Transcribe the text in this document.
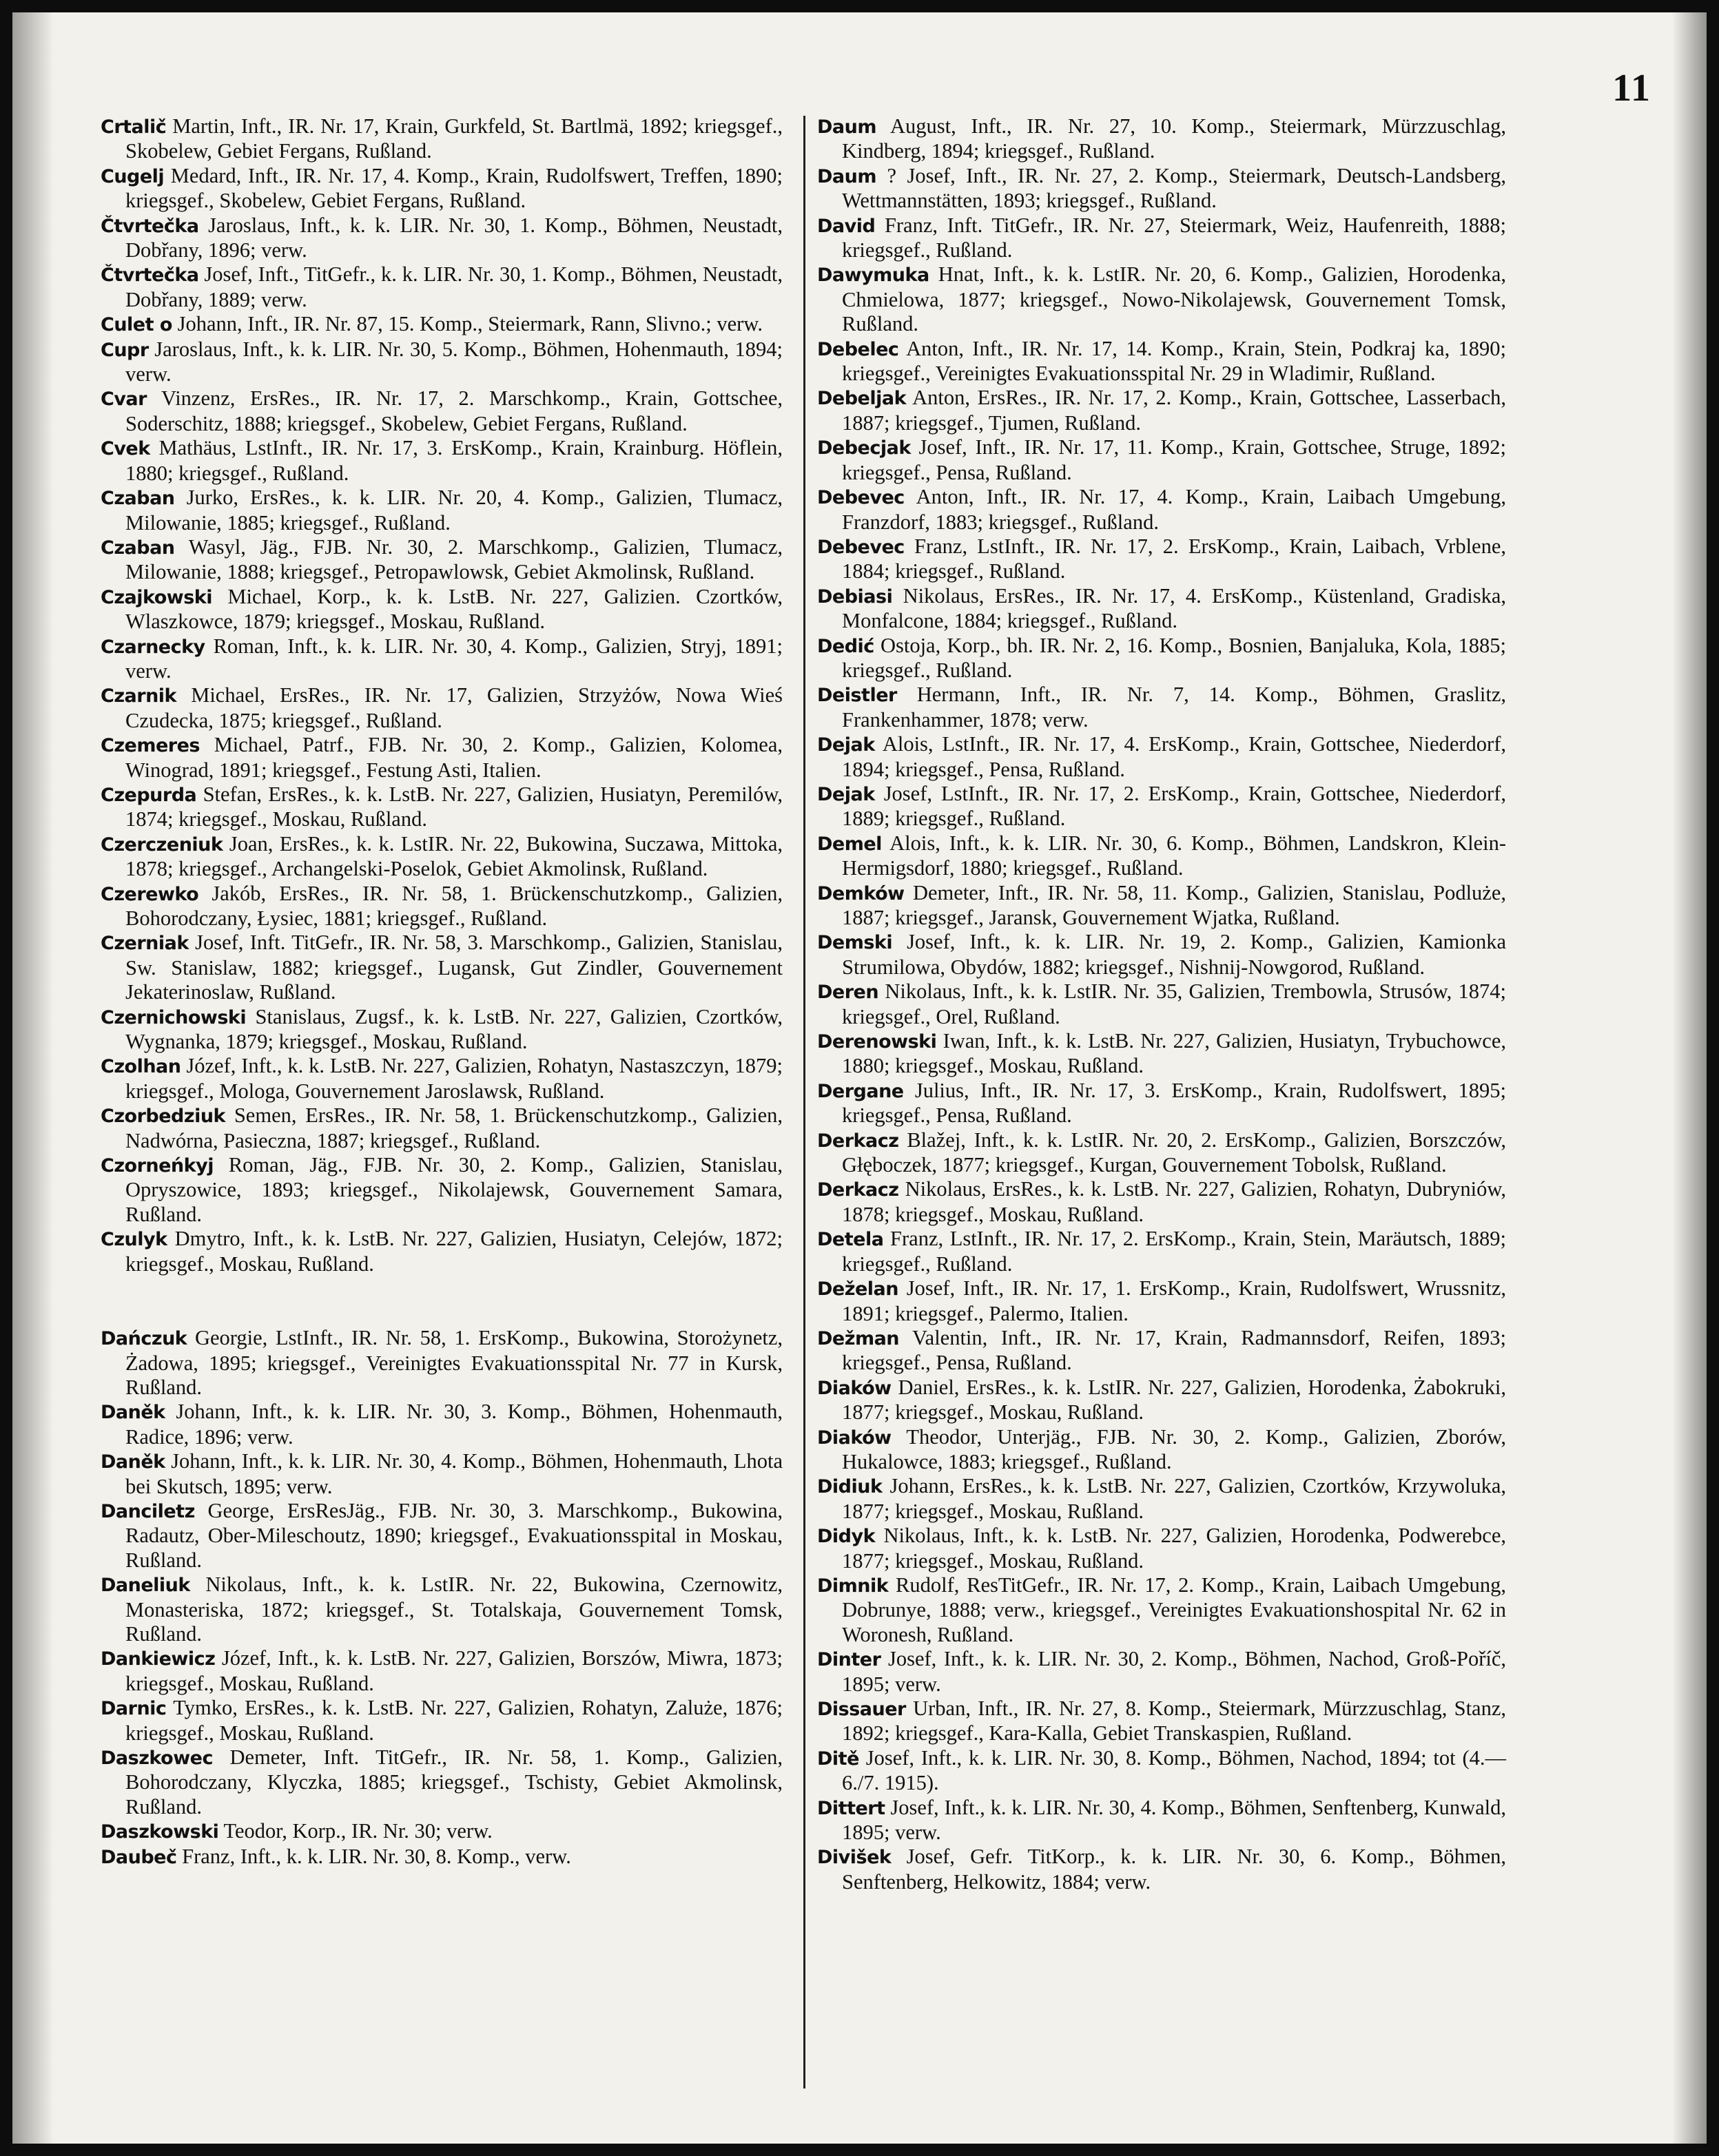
11

Crtalič Martin, Inft., IR. Nr. 17, Krain, Gurkfeld, St. Bartlmä, 1892; kriegsgef., Skobelew, Gebiet Fergans, Rußland.

Cugelj Medard, Inft., IR. Nr. 17, 4. Komp., Krain, Rudolfswert, Treffen, 1890; kriegsgef., Skobelew, Gebiet Fergans, Rußland.

Čtvrtečka Jaroslaus, Inft., k. k. LIR. Nr. 30, 1. Komp., Böhmen, Neustadt, Dobřany, 1896; verw.

Čtvrtečka Josef, Inft., TitGefr., k. k. LIR. Nr. 30, 1. Komp., Böhmen, Neustadt, Dobřany, 1889; verw.

Culet o Johann, Inft., IR. Nr. 87, 15. Komp., Steiermark, Rann, Slivno.; verw.

Cupr Jaroslaus, Inft., k. k. LIR. Nr. 30, 5. Komp., Böhmen, Hohenmauth, 1894; verw.

Cvar Vinzenz, ErsRes., IR. Nr. 17, 2. Marschkomp., Krain, Gottschee, Soderschitz, 1888; kriegsgef., Skobelew, Gebiet Fergans, Rußland.

Cvek Mathäus, LstInft., IR. Nr. 17, 3. ErsKomp., Krain, Krainburg. Höflein, 1880; kriegsgef., Rußland.

Czaban Jurko, ErsRes., k. k. LIR. Nr. 20, 4. Komp., Galizien, Tlumacz, Milowanie, 1885; kriegsgef., Rußland.

Czaban Wasyl, Jäg., FJB. Nr. 30, 2. Marschkomp., Galizien, Tlumacz, Milowanie, 1888; kriegsgef., Petropawlowsk, Gebiet Akmolinsk, Rußland.

Czajkowski Michael, Korp., k. k. LstB. Nr. 227, Galizien. Czortków, Wlaszkowce, 1879; kriegsgef., Moskau, Rußland.

Czarnecky Roman, Inft., k. k. LIR. Nr. 30, 4. Komp., Galizien, Stryj, 1891; verw.

Czarnik Michael, ErsRes., IR. Nr. 17, Galizien, Strzyżów, Nowa Wieś Czudecka, 1875; kriegsgef., Rußland.

Czemeres Michael, Patrf., FJB. Nr. 30, 2. Komp., Galizien, Kolomea, Winograd, 1891; kriegsgef., Festung Asti, Italien.

Czepurda Stefan, ErsRes., k. k. LstB. Nr. 227, Galizien, Husiatyn, Peremilów, 1874; kriegsgef., Moskau, Rußland.

Czerczeniuk Joan, ErsRes., k. k. LstIR. Nr. 22, Bukowina, Suczawa, Mittoka, 1878; kriegsgef., Archangelski-Poselok, Gebiet Akmolinsk, Rußland.

Czerewko Jakób, ErsRes., IR. Nr. 58, 1. Brückenschutzkomp., Galizien, Bohorodczany, Łysiec, 1881; kriegsgef., Rußland.

Czerniak Josef, Inft. TitGefr., IR. Nr. 58, 3. Marschkomp., Galizien, Stanislau, Sw. Stanislaw, 1882; kriegsgef., Lugansk, Gut Zindler, Gouvernement Jekaterinoslaw, Rußland.

Czernichowski Stanislaus, Zugsf., k. k. LstB. Nr. 227, Galizien, Czortków, Wygnanka, 1879; kriegsgef., Moskau, Rußland.

Czolhan Józef, Inft., k. k. LstB. Nr. 227, Galizien, Rohatyn, Nastaszczyn, 1879; kriegsgef., Mologa, Gouvernement Jaroslawsk, Rußland.

Czorbedziuk Semen, ErsRes., IR. Nr. 58, 1. Brückenschutzkomp., Galizien, Nadwórna, Pasieczna, 1887; kriegsgef., Rußland.

Czorneńkyj Roman, Jäg., FJB. Nr. 30, 2. Komp., Galizien, Stanislau, Opryszowice, 1893; kriegsgef., Nikolajewsk, Gouvernement Samara, Rußland.

Czulyk Dmytro, Inft., k. k. LstB. Nr. 227, Galizien, Husiatyn, Celejów, 1872; kriegsgef., Moskau, Rußland.

Dańczuk Georgie, LstInft., IR. Nr. 58, 1. ErsKomp., Bukowina, Storożynetz, Żadowa, 1895; kriegsgef., Vereinigtes Evakuationsspital Nr. 77 in Kursk, Rußland.

Daněk Johann, Inft., k. k. LIR. Nr. 30, 3. Komp., Böhmen, Hohenmauth, Radice, 1896; verw.

Daněk Johann, Inft., k. k. LIR. Nr. 30, 4. Komp., Böhmen, Hohenmauth, Lhota bei Skutsch, 1895; verw.

Danciletz George, ErsResJäg., FJB. Nr. 30, 3. Marschkomp., Bukowina, Radautz, Ober-Mileschoutz, 1890; kriegsgef., Evakuationsspital in Moskau, Rußland.

Daneliuk Nikolaus, Inft., k. k. LstIR. Nr. 22, Bukowina, Czernowitz, Monasteriska, 1872; kriegsgef., St. Totalskaja, Gouvernement Tomsk, Rußland.

Dankiewicz Józef, Inft., k. k. LstB. Nr. 227, Galizien, Borszów, Miwra, 1873; kriegsgef., Moskau, Rußland.

Darnic Tymko, ErsRes., k. k. LstB. Nr. 227, Galizien, Rohatyn, Zaluże, 1876; kriegsgef., Moskau, Rußland.

Daszkowec Demeter, Inft. TitGefr., IR. Nr. 58, 1. Komp., Galizien, Bohorodczany, Klyczka, 1885; kriegsgef., Tschisty, Gebiet Akmolinsk, Rußland.

Daszkowski Teodor, Korp., IR. Nr. 30; verw.

Daubeč Franz, Inft., k. k. LIR. Nr. 30, 8. Komp., verw.

Daum August, Inft., IR. Nr. 27, 10. Komp., Steiermark, Mürzzuschlag, Kindberg, 1894; kriegsgef., Rußland.

Daum ? Josef, Inft., IR. Nr. 27, 2. Komp., Steiermark, Deutsch-Landsberg, Wettmannstätten, 1893; kriegsgef., Rußland.

David Franz, Inft. TitGefr., IR. Nr. 27, Steiermark, Weiz, Haufenreith, 1888; kriegsgef., Rußland.

Dawymuka Hnat, Inft., k. k. LstIR. Nr. 20, 6. Komp., Galizien, Horodenka, Chmielowa, 1877; kriegsgef., Nowo-Nikolajewsk, Gouvernement Tomsk, Rußland.

Debelec Anton, Inft., IR. Nr. 17, 14. Komp., Krain, Stein, Podkraj ka, 1890; kriegsgef., Vereinigtes Evakuationsspital Nr. 29 in Wladimir, Rußland.

Debeljak Anton, ErsRes., IR. Nr. 17, 2. Komp., Krain, Gottschee, Lasserbach, 1887; kriegsgef., Tjumen, Rußland.

Debecjak Josef, Inft., IR. Nr. 17, 11. Komp., Krain, Gottschee, Struge, 1892; kriegsgef., Pensa, Rußland.

Debevec Anton, Inft., IR. Nr. 17, 4. Komp., Krain, Laibach Umgebung, Franzdorf, 1883; kriegsgef., Rußland.

Debevec Franz, LstInft., IR. Nr. 17, 2. ErsKomp., Krain, Laibach, Vrblene, 1884; kriegsgef., Rußland.

Debiasi Nikolaus, ErsRes., IR. Nr. 17, 4. ErsKomp., Küstenland, Gradiska, Monfalcone, 1884; kriegsgef., Rußland.

Dedić Ostoja, Korp., bh. IR. Nr. 2, 16. Komp., Bosnien, Banjaluka, Kola, 1885; kriegsgef., Rußland.

Deistler Hermann, Inft., IR. Nr. 7, 14. Komp., Böhmen, Graslitz, Frankenhammer, 1878; verw.

Dejak Alois, LstInft., IR. Nr. 17, 4. ErsKomp., Krain, Gottschee, Niederdorf, 1894; kriegsgef., Pensa, Rußland.

Dejak Josef, LstInft., IR. Nr. 17, 2. ErsKomp., Krain, Gottschee, Niederdorf, 1889; kriegsgef., Rußland.

Demel Alois, Inft., k. k. LIR. Nr. 30, 6. Komp., Böhmen, Landskron, Klein-Hermigsdorf, 1880; kriegsgef., Rußland.

Demków Demeter, Inft., IR. Nr. 58, 11. Komp., Galizien, Stanislau, Podluże, 1887; kriegsgef., Jaransk, Gouvernement Wjatka, Rußland.

Demski Josef, Inft., k. k. LIR. Nr. 19, 2. Komp., Galizien, Kamionka Strumilowa, Obydów, 1882; kriegsgef., Nishnij-Nowgorod, Rußland.

Deren Nikolaus, Inft., k. k. LstIR. Nr. 35, Galizien, Trembowla, Strusów, 1874; kriegsgef., Orel, Rußland.

Derenowski Iwan, Inft., k. k. LstB. Nr. 227, Galizien, Husiatyn, Trybuchowce, 1880; kriegsgef., Moskau, Rußland.

Dergane Julius, Inft., IR. Nr. 17, 3. ErsKomp., Krain, Rudolfswert, 1895; kriegsgef., Pensa, Rußland.

Derkacz Blažej, Inft., k. k. LstIR. Nr. 20, 2. ErsKomp., Galizien, Borszczów, Głęboczek, 1877; kriegsgef., Kurgan, Gouvernement Tobolsk, Rußland.

Derkacz Nikolaus, ErsRes., k. k. LstB. Nr. 227, Galizien, Rohatyn, Dubryniów, 1878; kriegsgef., Moskau, Rußland.

Detela Franz, LstInft., IR. Nr. 17, 2. ErsKomp., Krain, Stein, Maräutsch, 1889; kriegsgef., Rußland.

Deželan Josef, Inft., IR. Nr. 17, 1. ErsKomp., Krain, Rudolfswert, Wrussnitz, 1891; kriegsgef., Palermo, Italien.

Dežman Valentin, Inft., IR. Nr. 17, Krain, Radmannsdorf, Reifen, 1893; kriegsgef., Pensa, Rußland.

Diaków Daniel, ErsRes., k. k. LstIR. Nr. 227, Galizien, Horodenka, Żabokruki, 1877; kriegsgef., Moskau, Rußland.

Diaków Theodor, Unterjäg., FJB. Nr. 30, 2. Komp., Galizien, Zborów, Hukalowce, 1883; kriegsgef., Rußland.

Didiuk Johann, ErsRes., k. k. LstB. Nr. 227, Galizien, Czortków, Krzywoluka, 1877; kriegsgef., Moskau, Rußland.

Didyk Nikolaus, Inft., k. k. LstB. Nr. 227, Galizien, Horodenka, Podwerebce, 1877; kriegsgef., Moskau, Rußland.

Dimnik Rudolf, ResTitGefr., IR. Nr. 17, 2. Komp., Krain, Laibach Umgebung, Dobrunye, 1888; verw., kriegsgef., Vereinigtes Evakuationshospital Nr. 62 in Woronesh, Rußland.

Dinter Josef, Inft., k. k. LIR. Nr. 30, 2. Komp., Böhmen, Nachod, Groß-Poříč, 1895; verw.

Dissauer Urban, Inft., IR. Nr. 27, 8. Komp., Steiermark, Mürzzuschlag, Stanz, 1892; kriegsgef., Kara-Kalla, Gebiet Transkaspien, Rußland.

Ditě Josef, Inft., k. k. LIR. Nr. 30, 8. Komp., Böhmen, Nachod, 1894; tot (4.—6./7. 1915).

Dittert Josef, Inft., k. k. LIR. Nr. 30, 4. Komp., Böhmen, Senftenberg, Kunwald, 1895; verw.

Divišek Josef, Gefr. TitKorp., k. k. LIR. Nr. 30, 6. Komp., Böhmen, Senftenberg, Helkowitz, 1884; verw.
